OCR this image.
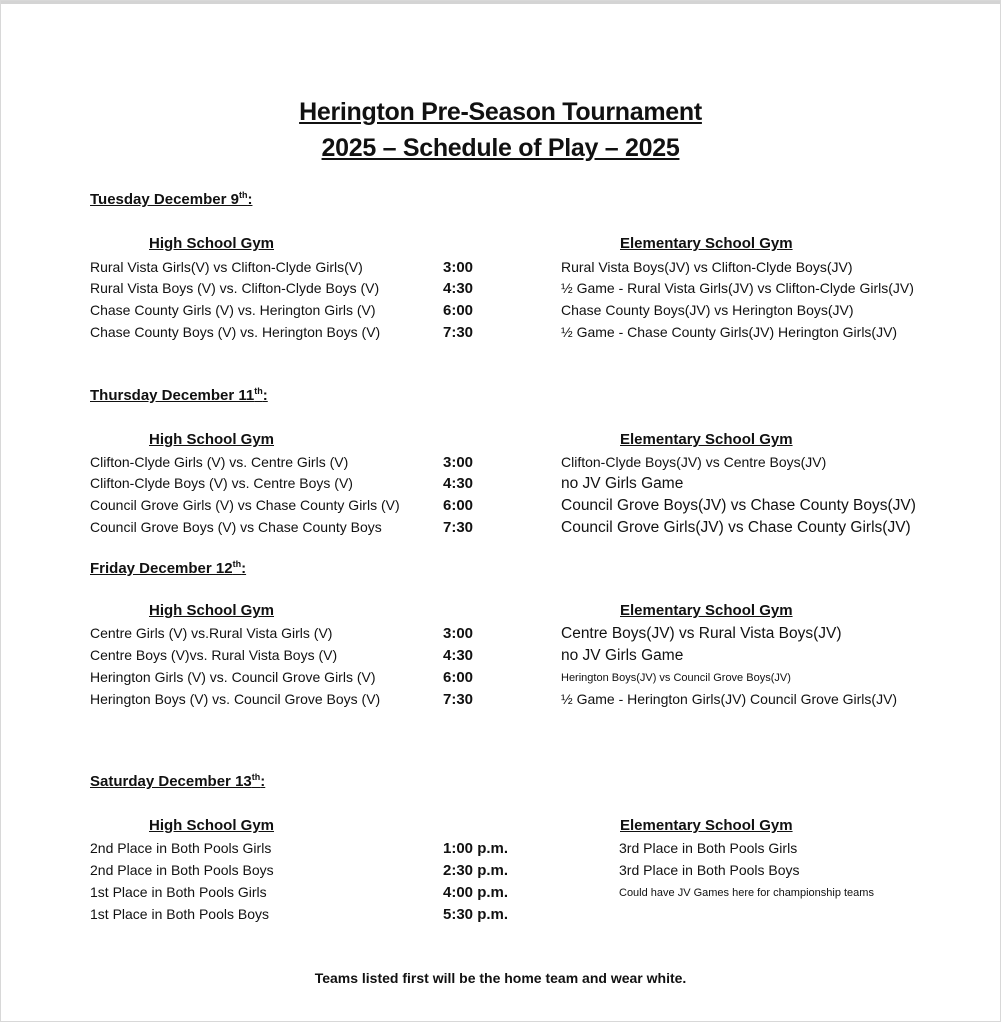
Herington Pre-Season Tournament
2025 – Schedule of Play – 2025
Tuesday December 9th:
High School Gym	Elementary School Gym
Rural Vista Girls(V) vs Clifton-Clyde Girls(V)	3:00	Rural Vista Boys(JV) vs Clifton-Clyde Boys(JV)
Rural Vista Boys (V) vs. Clifton-Clyde Boys (V)	4:30	½ Game - Rural Vista Girls(JV) vs Clifton-Clyde Girls(JV)
Chase County Girls (V) vs. Herington Girls (V)	6:00	Chase County Boys(JV) vs Herington Boys(JV)
Chase County Boys (V) vs. Herington Boys (V)	7:30	½ Game - Chase County Girls(JV) Herington Girls(JV)
Thursday December 11th:
High School Gym	Elementary School Gym
Clifton-Clyde Girls (V) vs. Centre Girls (V)	3:00	Clifton-Clyde Boys(JV) vs Centre Boys(JV)
Clifton-Clyde Boys (V) vs. Centre Boys (V)	4:30	no JV Girls Game
Council Grove Girls (V) vs Chase County Girls (V)	6:00	Council Grove Boys(JV) vs Chase County Boys(JV)
Council Grove Boys (V) vs Chase County Boys	7:30	Council Grove Girls(JV) vs Chase County Girls(JV)
Friday December 12th:
High School Gym	Elementary School Gym
Centre Girls (V) vs.Rural Vista Girls (V)	3:00	Centre Boys(JV) vs Rural Vista Boys(JV)
Centre Boys (V)vs. Rural Vista Boys (V)	4:30	no JV Girls Game
Herington Girls (V) vs. Council Grove Girls (V)	6:00	Herington Boys(JV) vs Council Grove Boys(JV)
Herington Boys (V) vs. Council Grove Boys (V)	7:30	½ Game - Herington Girls(JV) Council Grove Girls(JV)
Saturday December 13th:
High School Gym	Elementary School Gym
2nd Place in Both Pools Girls	1:00 p.m.	3rd Place in Both Pools Girls
2nd Place in Both Pools Boys	2:30 p.m.	3rd Place in Both Pools Boys
1st Place in Both Pools Girls	4:00 p.m.	Could have JV Games here for championship teams
1st Place in Both Pools Boys	5:30 p.m.
Teams listed first will be the home team and wear white.
